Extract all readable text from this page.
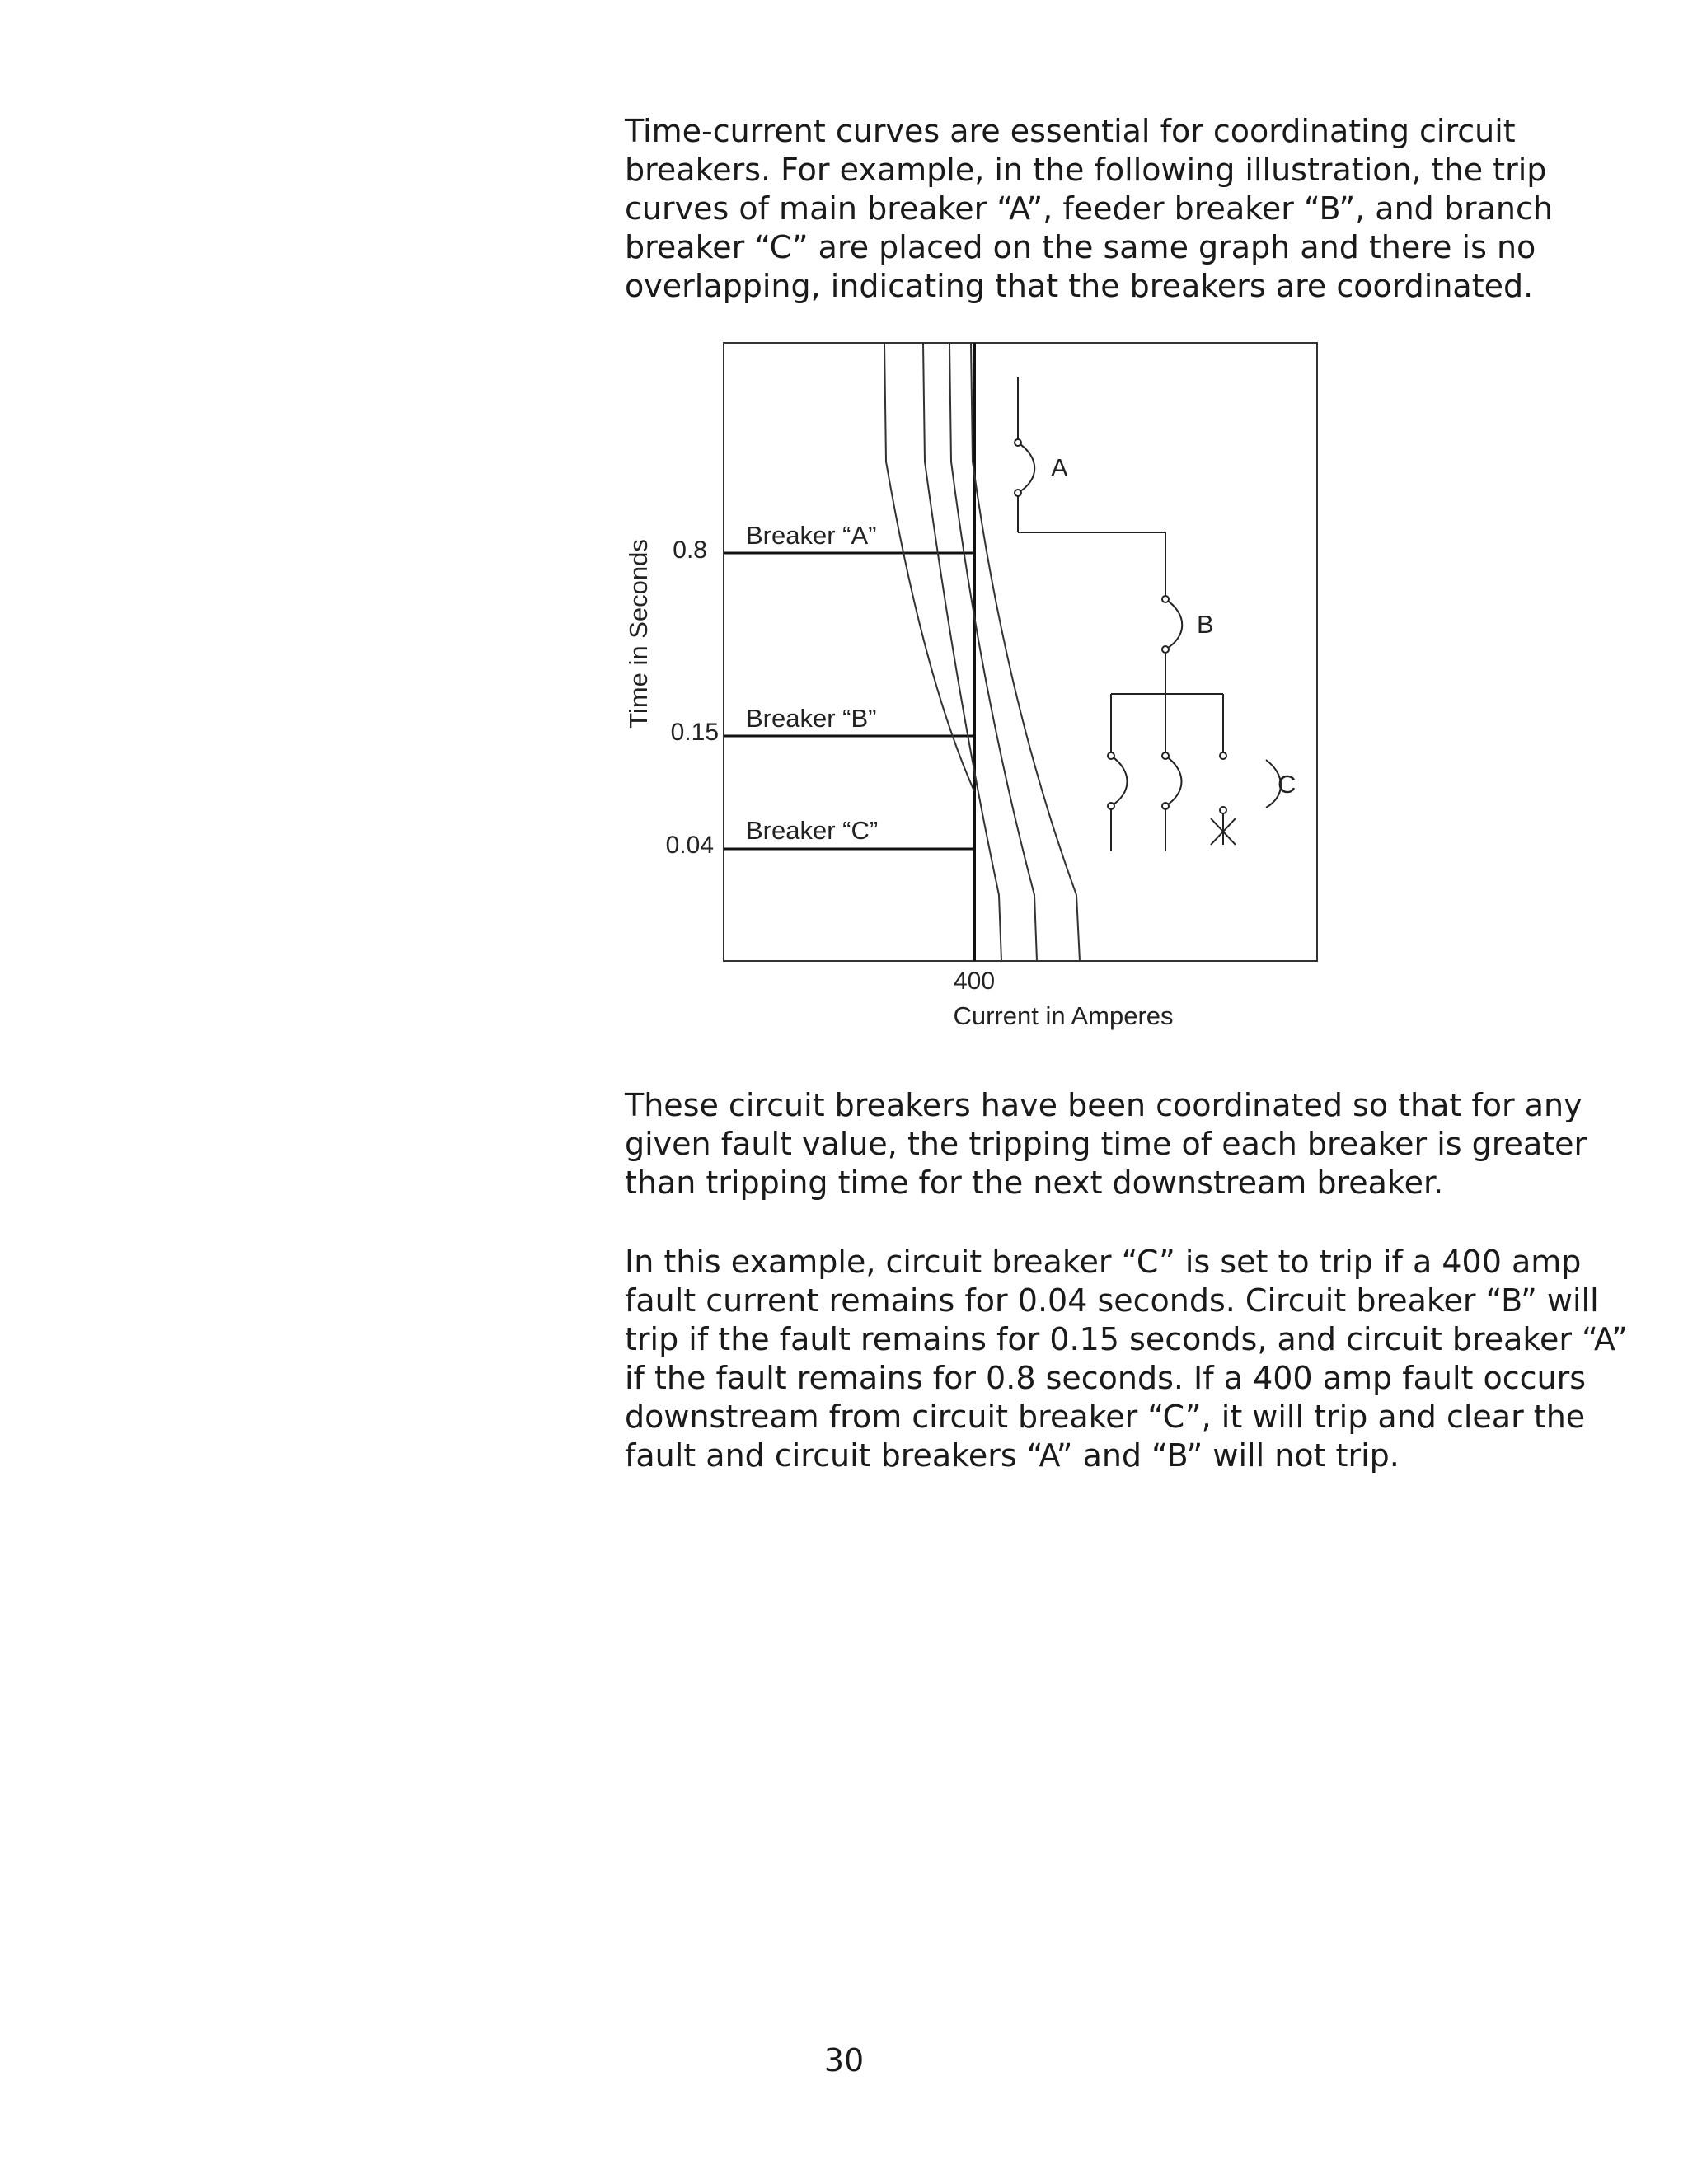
Time-current curves are essential for coordinating circuit
breakers. For example, in the following illustration, the trip
curves of main breaker “A”, feeder breaker “B”, and branch
breaker “C” are placed on the same graph and there is no
overlapping, indicating that the breakers are coordinated.

0.8
0.15
0.04
400
Time in Seconds
Current in Amperes
Breaker “A”
Breaker “B”
Breaker “C”
A
B
C

These circuit breakers have been coordinated so that for any
given fault value, the tripping time of each breaker is greater
than tripping time for the next downstream breaker.

In this example, circuit breaker “C” is set to trip if a 400 amp
fault current remains for 0.04 seconds. Circuit breaker “B” will
trip if the fault remains for 0.15 seconds, and circuit breaker “A”
if the fault remains for 0.8 seconds. If a 400 amp fault occurs
downstream from circuit breaker “C”, it will trip and clear the
fault and circuit breakers “A” and “B” will not trip.

30
